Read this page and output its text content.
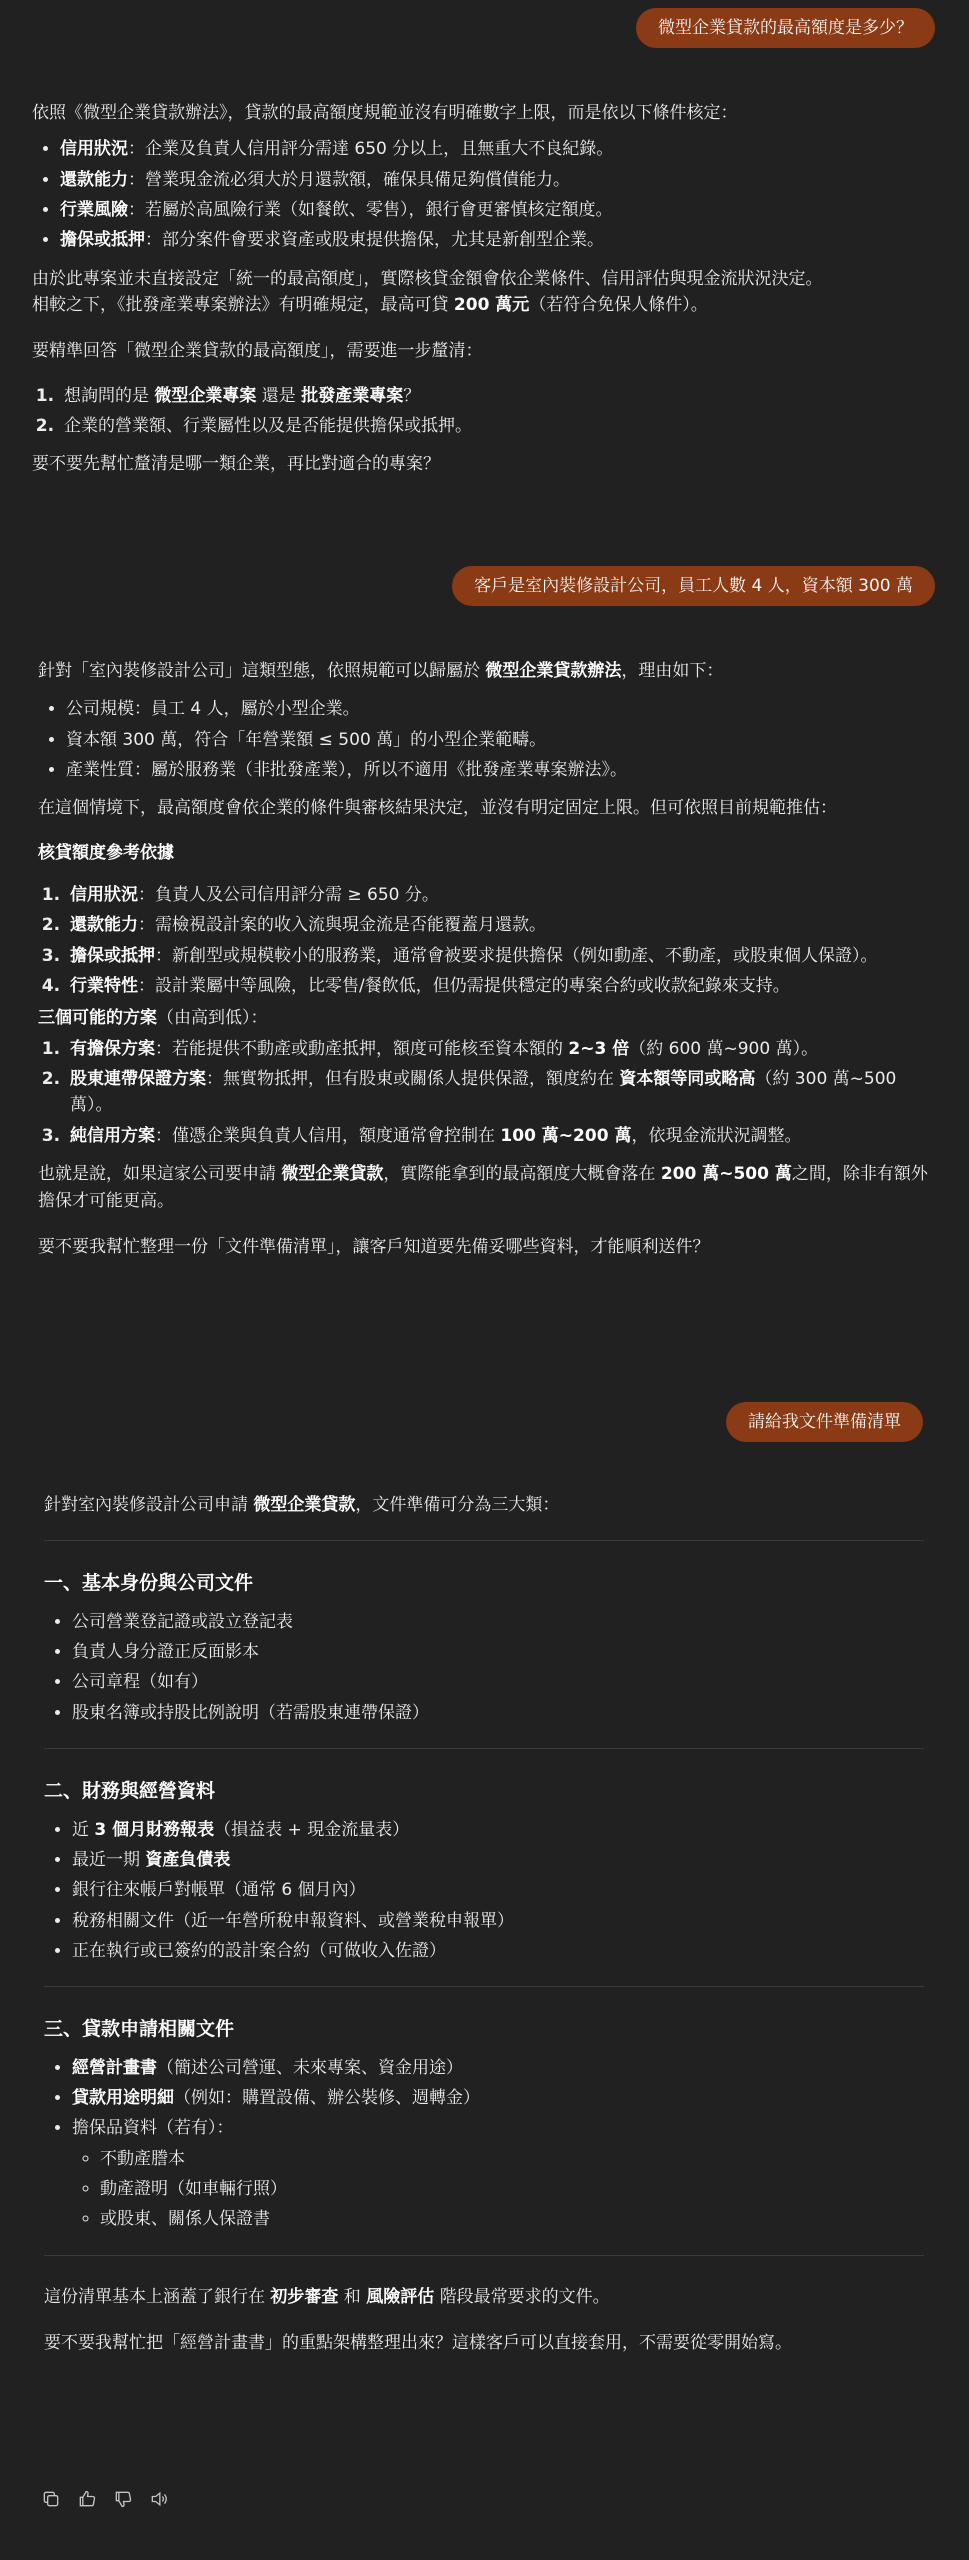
微型企業貸款的最高額度是多少？

依照《微型企業貸款辦法》，貸款的最高額度規範並沒有明確數字上限，而是依以下條件核定：

• 信用狀況：企業及負責人信用評分需達 650 分以上，且無重大不良紀錄。
• 還款能力：營業現金流必須大於月還款額，確保具備足夠償債能力。
• 行業風險：若屬於高風險行業（如餐飲、零售），銀行會更審慎核定額度。
• 擔保或抵押：部分案件會要求資產或股東提供擔保，尤其是新創型企業。

由於此專案並未直接設定「統一的最高額度」，實際核貸金額會依企業條件、信用評估與現金流狀況決定。

相較之下，《批發產業專案辦法》有明確規定，最高可貸 200 萬元（若符合免保人條件）。

要精準回答「微型企業貸款的最高額度」，需要進一步釐清：

1. 想詢問的是 微型企業專案 還是 批發產業專案？
2. 企業的營業額、行業屬性以及是否能提供擔保或抵押。

要不要先幫忙釐清是哪一類企業，再比對適合的專案？

客戶是室內裝修設計公司，員工人數 4 人，資本額 300 萬

針對「室內裝修設計公司」這類型態，依照規範可以歸屬於 微型企業貸款辦法，理由如下：

• 公司規模：員工 4 人，屬於小型企業。
• 資本額 300 萬，符合「年營業額 ≤ 500 萬」的小型企業範疇。
• 產業性質：屬於服務業（非批發產業），所以不適用《批發產業專案辦法》。

在這個情境下，最高額度會依企業的條件與審核結果決定，並沒有明定固定上限。但可依照目前規範推估：

核貸額度參考依據

1. 信用狀況：負責人及公司信用評分需 ≥ 650 分。
2. 還款能力：需檢視設計案的收入流與現金流是否能覆蓋月還款。
3. 擔保或抵押：新創型或規模較小的服務業，通常會被要求提供擔保（例如動產、不動產，或股東個人保證）。
4. 行業特性：設計業屬中等風險，比零售/餐飲低，但仍需提供穩定的專案合約或收款紀錄來支持。

三個可能的方案（由高到低）：

1. 有擔保方案：若能提供不動產或動產抵押，額度可能核至資本額的 2~3 倍（約 600 萬~900 萬）。
2. 股東連帶保證方案：無實物抵押，但有股東或關係人提供保證，額度約在 資本額等同或略高（約 300 萬~500 萬）。
3. 純信用方案：僅憑企業與負責人信用，額度通常會控制在 100 萬~200 萬，依現金流狀況調整。

也就是說，如果這家公司要申請 微型企業貸款，實際能拿到的最高額度大概會落在 200 萬~500 萬之間，除非有額外擔保才可能更高。

要不要我幫忙整理一份「文件準備清單」，讓客戶知道要先備妥哪些資料，才能順利送件？

請給我文件準備清單

針對室內裝修設計公司申請 微型企業貸款，文件準備可分為三大類：

一、基本身份與公司文件
• 公司營業登記證或設立登記表
• 負責人身分證正反面影本
• 公司章程（如有）
• 股東名簿或持股比例說明（若需股東連帶保證）
二、財務與經營資料
• 近 3 個月財務報表（損益表 + 現金流量表）
• 最近一期 資產負債表
• 銀行往來帳戶對帳單（通常 6 個月內）
• 稅務相關文件（近一年營所稅申報資料、或營業稅申報單）
• 正在執行或已簽約的設計案合約（可做收入佐證）
三、貸款申請相關文件
• 經營計畫書（簡述公司營運、未來專案、資金用途）
• 貸款用途明細（例如：購置設備、辦公裝修、週轉金）
• 擔保品資料（若有）：
◦ 不動產謄本
◦ 動產證明（如車輛行照）
◦ 或股東、關係人保證書

這份清單基本上涵蓋了銀行在 初步審查 和 風險評估 階段最常要求的文件。

要不要我幫忙把「經營計畫書」的重點架構整理出來？這樣客戶可以直接套用，不需要從零開始寫。
